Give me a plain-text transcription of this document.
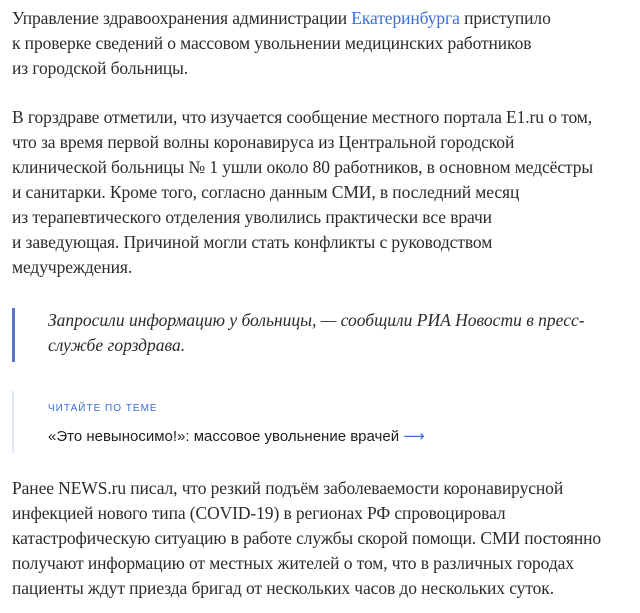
Управление здравоохранения администрации Екатеринбурга приступило
к проверке сведений о массовом увольнении медицинских работников
из городской больницы.

В горздраве отметили, что изучается сообщение местного портала E1.ru о том,
что за время первой волны коронавируса из Центральной городской
клинической больницы № 1 ушли около 80 работников, в основном медсёстры
и санитарки. Кроме того, согласно данным СМИ, в последний месяц
из терапевтического отделения уволились практически все врачи
и заведующая. Причиной могли стать конфликты с руководством
медучреждения.

Запросили информацию у больницы, — сообщили РИА Новости в пресс-
службе горздрава.
ЧИТАЙТЕ ПО ТЕМЕ
«Это невыносимо!»: массовое увольнение врачей ⟶

Ранее NEWS.ru писал, что резкий подъём заболеваемости коронавирусной
инфекцией нового типа (COVID-19) в регионах РФ спровоцировал
катастрофическую ситуацию в работе службы скорой помощи. СМИ постоянно
получают информацию от местных жителей о том, что в различных городах
пациенты ждут приезда бригад от нескольких часов до нескольких суток.
